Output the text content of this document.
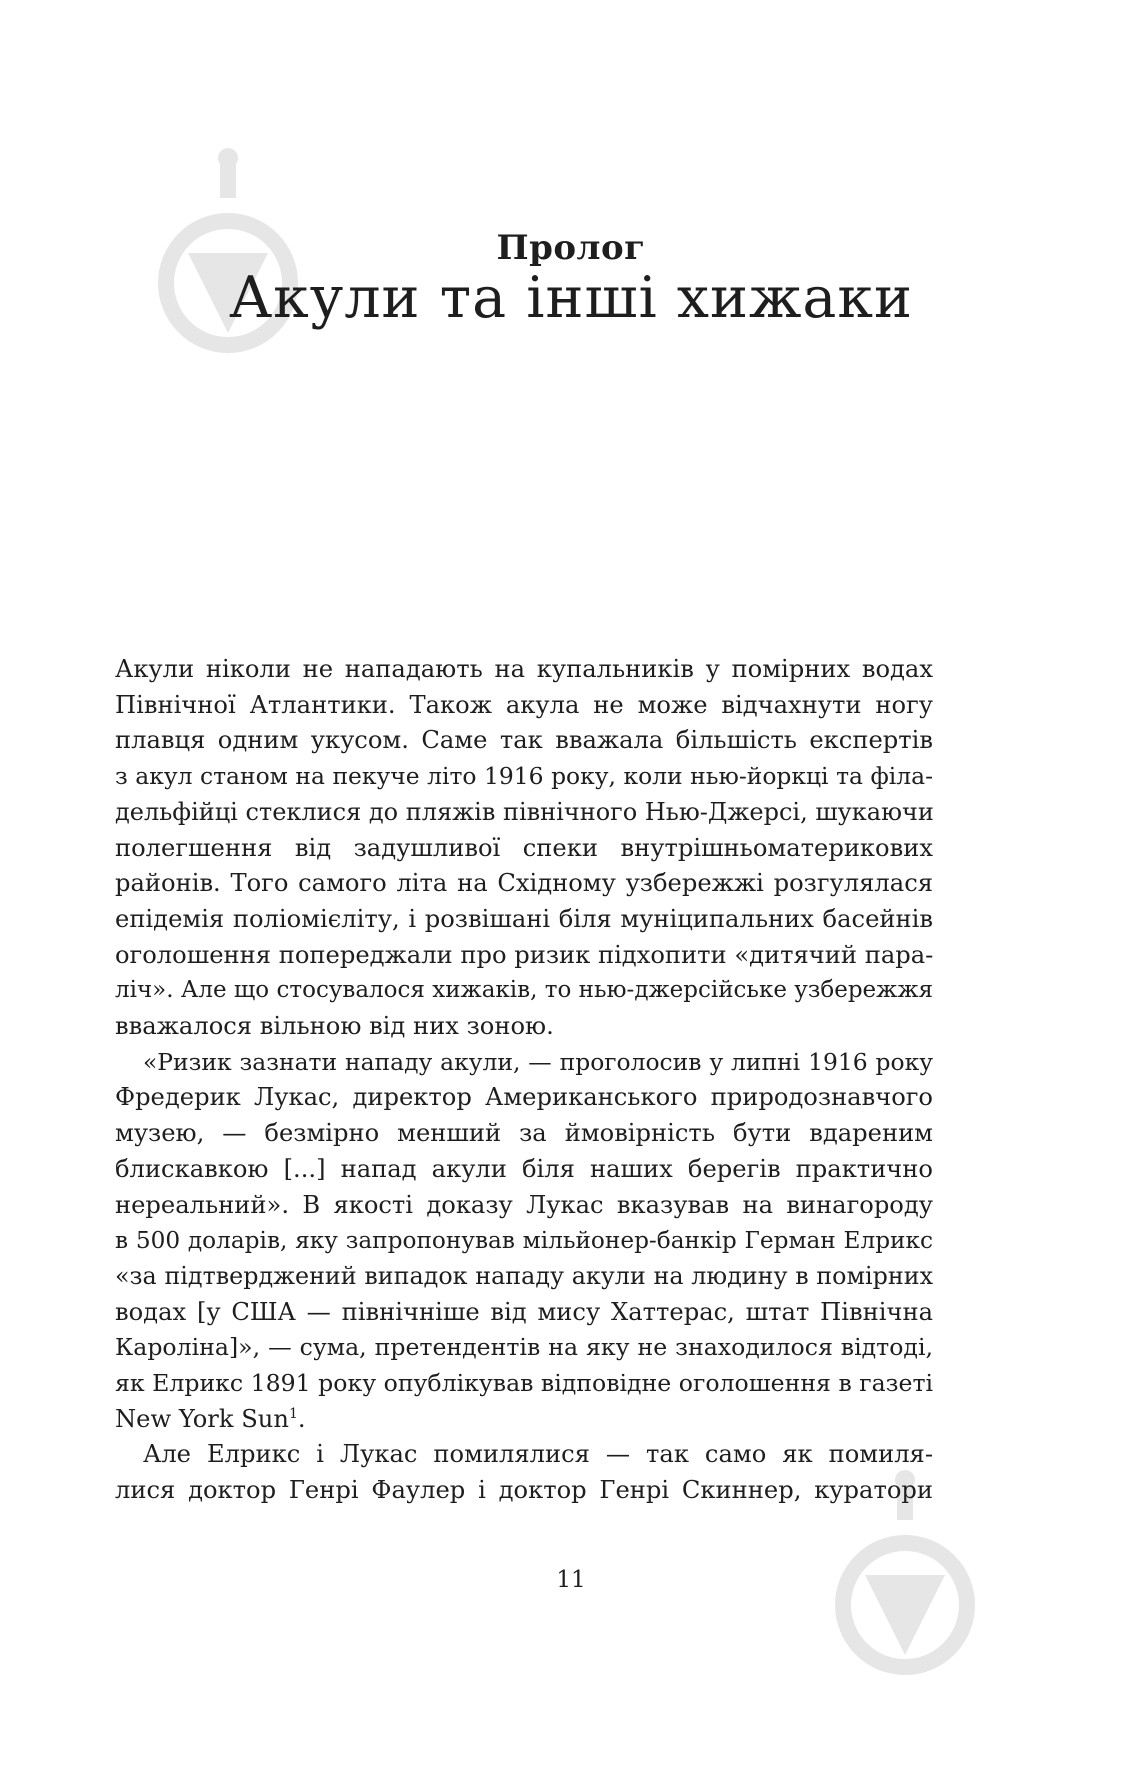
Пролог
Акули та інші хижаки
Акули ніколи не нападають на купальників у помірних водах
Північної Атлантики. Також акула не може відчахнути ногу
плавця одним укусом. Саме так вважала більшість експертів
з акул станом на пекуче літо 1916 року, коли нью-йоркці та філа-
дельфійці стеклися до пляжів північного Нью-Джерсі, шукаючи
полегшення від задушливої спеки внутрішньоматерикових
районів. Того самого літа на Східному узбережжі розгулялася
епідемія поліомієліту, і розвішані біля муніципальних басейнів
оголошення попереджали про ризик підхопити «дитячий пара-
ліч». Але що стосувалося хижаків, то нью-джерсійське узбережжя
вважалося вільною від них зоною.
«Ризик зазнати нападу акули, — проголосив у липні 1916 року
Фредерик Лукас, директор Американського природознавчого
музею, — безмірно менший за ймовірність бути вдареним
блискавкою [...] напад акули біля наших берегів практично
нереальний». В якості доказу Лукас вказував на винагороду
в 500 доларів, яку запропонував мільйонер-банкір Герман Елрикс
«за підтверджений випадок нападу акули на людину в помірних
водах [у США — північніше від мису Хаттерас, штат Північна
Кароліна]», — сума, претендентів на яку не знаходилося відтоді,
як Елрикс 1891 року опублікував відповідне оголошення в газеті
New York Sun$^1$.
Але Елрикс і Лукас помилялися — так само як помиля-
лися доктор Генрі Фаулер і доктор Генрі Скиннер, куратори
11
